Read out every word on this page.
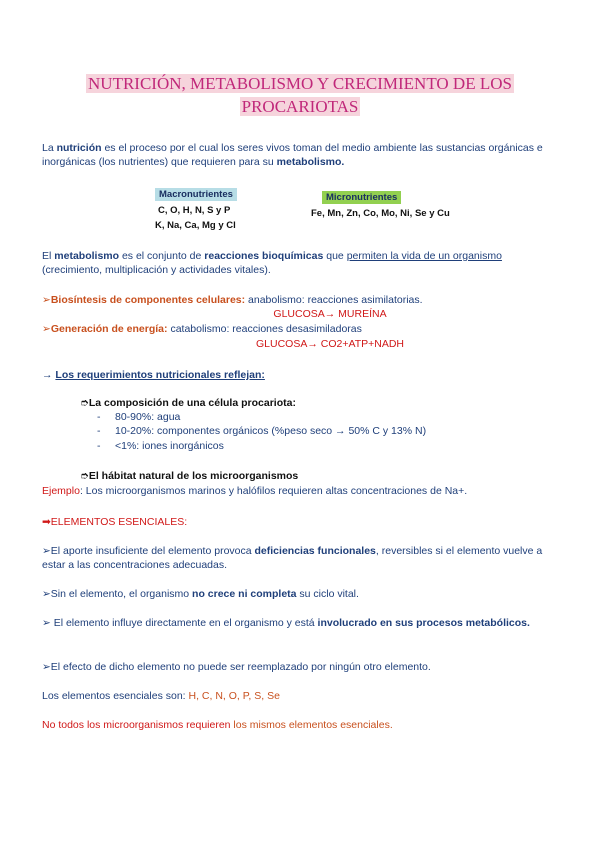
NUTRICIÓN, METABOLISMO Y CRECIMIENTO DE LOS
PROCARIOTAS
La nutrición es el proceso por el cual los seres vivos toman del medio ambiente las sustancias orgánicas e inorgánicas (los nutrientes) que requieren para su metabolismo.
Macronutrientes
C, O, H, N, S y P
K, Na, Ca, Mg y Cl
Micronutrientes
Fe, Mn, Zn, Co, Mo, Ni, Se y Cu
El metabolismo es el conjunto de reacciones bioquímicas que permiten la vida de un organismo (crecimiento, multiplicación y actividades vitales).
➢Biosíntesis de componentes celulares: anabolismo: reacciones asimilatorias.
GLUCOSA→ MUREÍNA
➢Generación de energía: catabolismo: reacciones desasimiladoras
GLUCOSA→ CO2+ATP+NADH
→ Los requerimientos nutricionales reflejan:
➮La composición de una célula procariota:
- 80-90%: agua
- 10-20%: componentes orgánicos (%peso seco → 50% C y 13% N)
- <1%: iones inorgánicos
➮El hábitat natural de los microorganismos
Ejemplo: Los microorganismos marinos y halófilos requieren altas concentraciones de Na+.
➡ELEMENTOS ESENCIALES:
➢El aporte insuficiente del elemento provoca deficiencias funcionales, reversibles si el elemento vuelve a estar a las concentraciones adecuadas.
➢Sin el elemento, el organismo no crece ni completa su ciclo vital.
➢ El elemento influye directamente en el organismo y está involucrado en sus procesos metabólicos.
➢El efecto de dicho elemento no puede ser reemplazado por ningún otro elemento.
Los elementos esenciales son: H, C, N, O, P, S, Se
No todos los microorganismos requieren los mismos elementos esenciales.
